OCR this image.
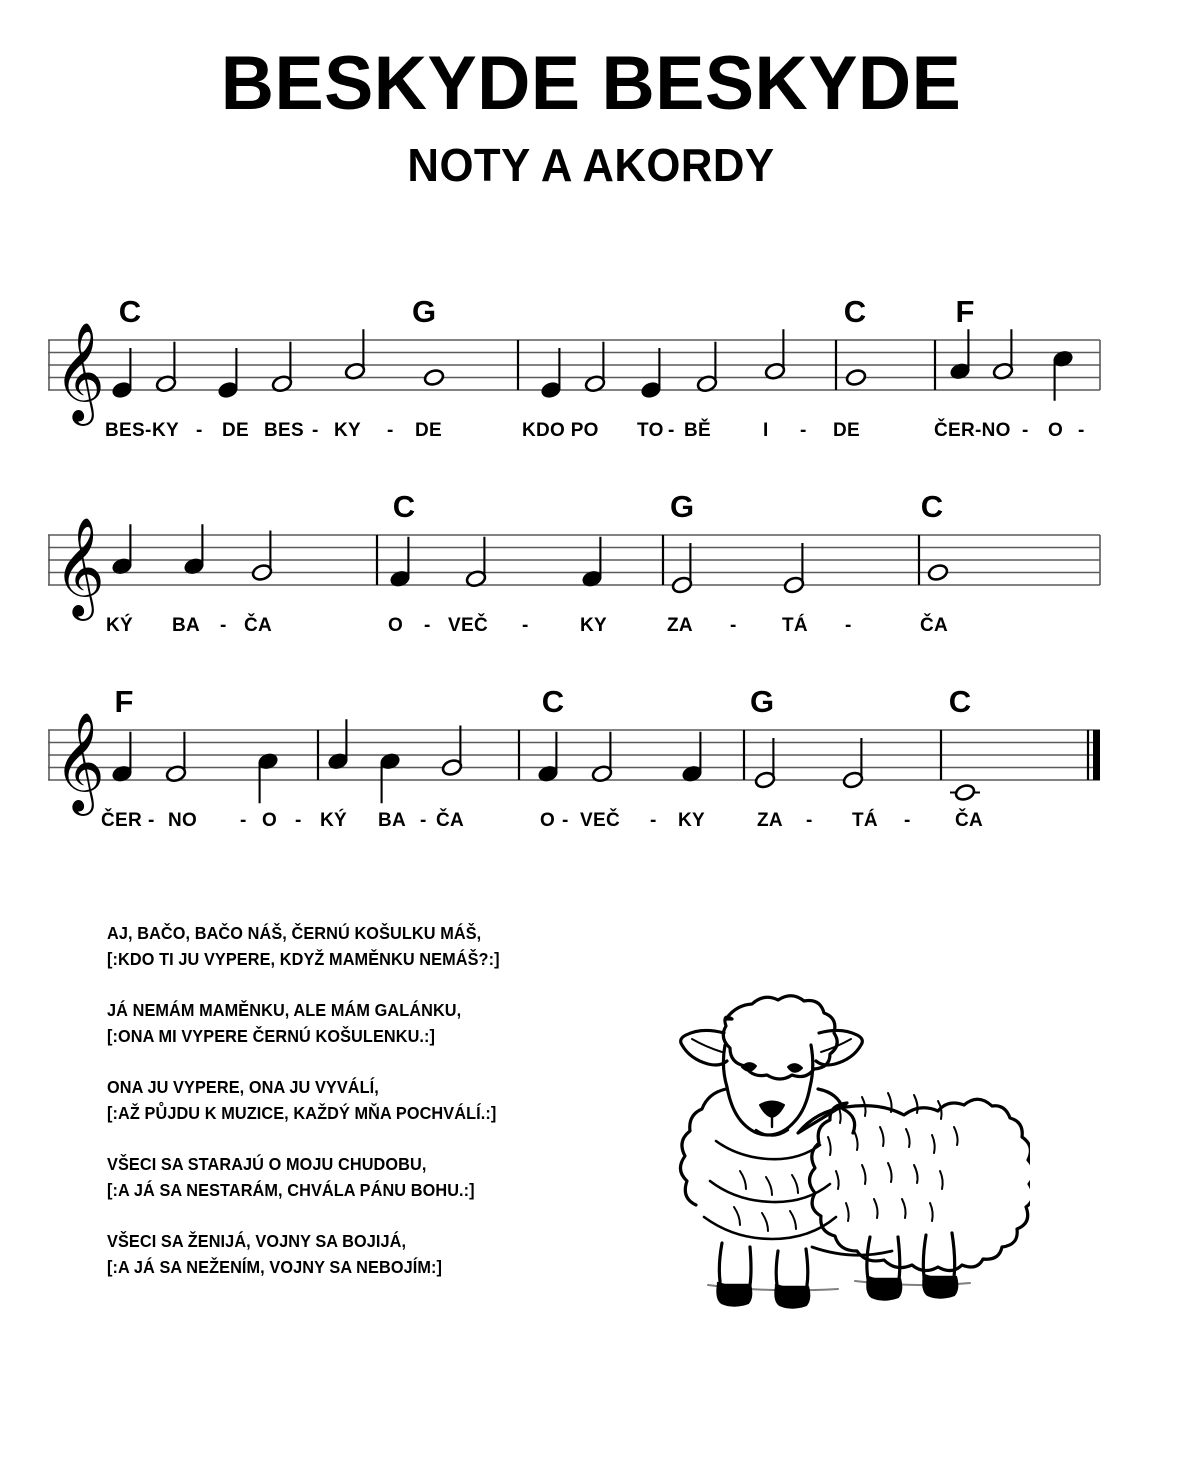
BESKYDE BESKYDE
NOTY A AKORDY
𝄞
C	G	C	F
BES- KY - DE BES - KY - DE	KDO PO TO - BĚ	I - DE	ČER-NO - O -
𝄞
C	G	C
KÝ BA - ČA	O - VEČ -	KY	ZA - TÁ -	ČA
𝄞
F	C	G	C
ČER - NO - O - KÝ BA - ČA	O - VEČ - KY	ZA - TÁ - ČA
AJ, BAČO, BAČO NÁŠ, ČERNÚ KOŠULKU MÁŠ,
[:KDO TI JU VYPERE, KDYŽ MAMĚNKU NEMÁŠ?:]
JÁ NEMÁM MAMĚNKU, ALE MÁM GALÁNKU,
[:ONA MI VYPERE ČERNÚ KOŠULENKU.:]
ONA JU VYPERE, ONA JU VYVÁLÍ,
[:AŽ PŮJDU K MUZICE, KAŽDÝ MŇA POCHVÁLÍ.:]
VŠECI SA STARAJÚ O MOJU CHUDOBU,
[:A JÁ SA NESTARÁM, CHVÁLA PÁNU BOHU.:]
VŠECI SA ŽENIJÁ, VOJNY SA BOJIJÁ,
[:A JÁ SA NEŽENÍM, VOJNY SA NEBOJÍM:]
